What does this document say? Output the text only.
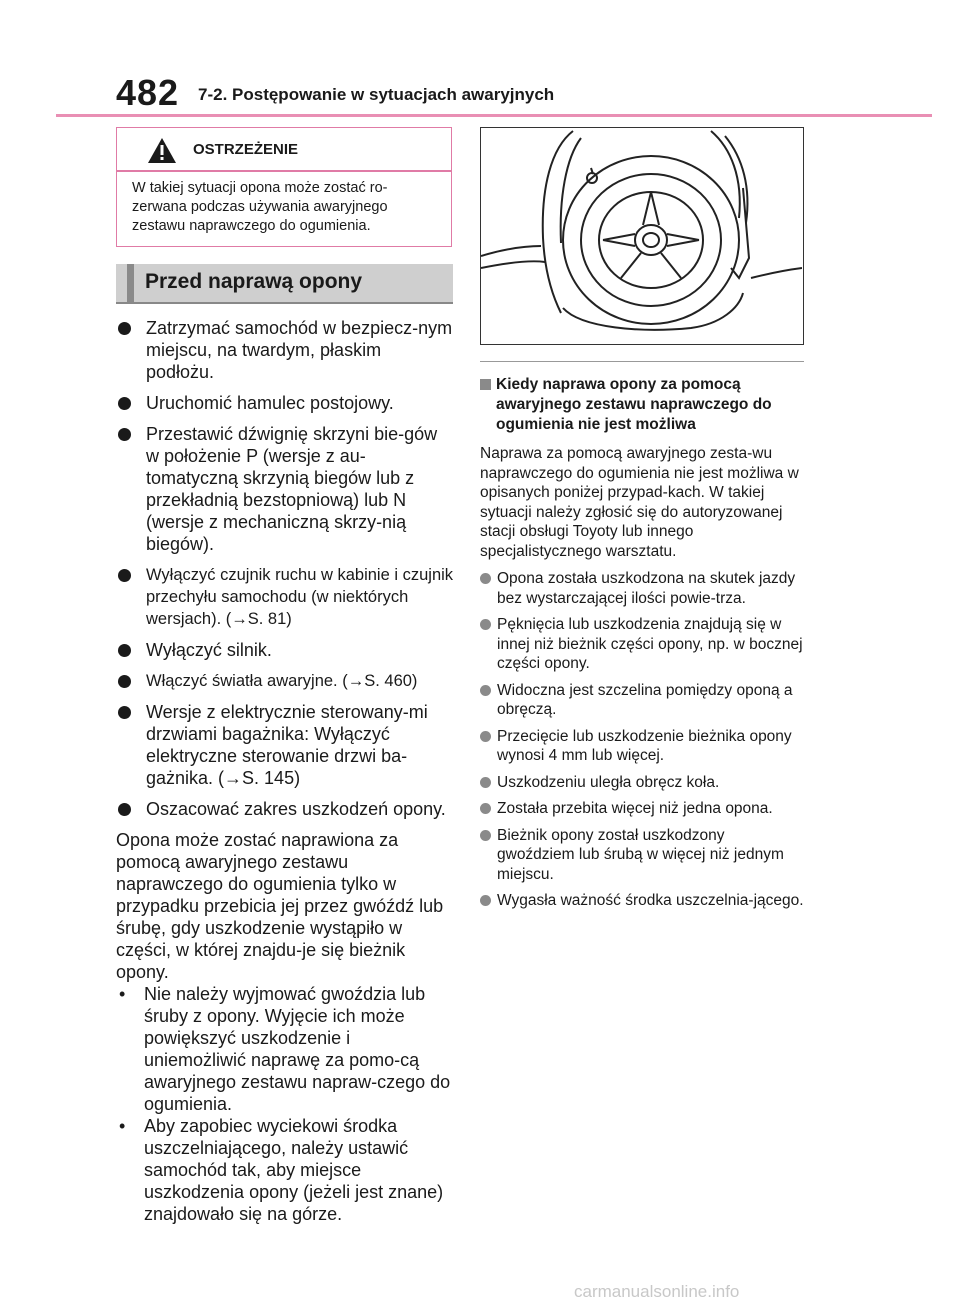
482 7-2. Postępowanie w sytuacjach awaryjnych
OSTRZEŻENIE
W takiej sytuacji opona może zostać ro-zerwana podczas używania awaryjnego zestawu naprawczego do ogumienia.
Przed naprawą opony
Zatrzymać samochód w bezpiecz-nym miejscu, na twardym, płaskim podłożu.
Uruchomić hamulec postojowy.
Przestawić dźwignię skrzyni bie-gów w położenie P (wersje z au-tomatyczną skrzynią biegów lub z przekładnią bezstopniową) lub N (wersje z mechaniczną skrzy-nią biegów).
Wyłączyć czujnik ruchu w kabinie i czujnik przechyłu samochodu (w niektórych wersjach). (→S. 81)
Wyłączyć silnik.
Włączyć światła awaryjne. (→S. 460)
Wersje z elektrycznie sterowany-mi drzwiami bagażnika: Wyłączyć elektryczne sterowanie drzwi ba-gażnika. (→S. 145)
Oszacować zakres uszkodzeń opony.
Opona może zostać naprawiona za pomocą awaryjnego zestawu naprawczego do ogumienia tylko w przypadku przebicia jej przez gwóźdź lub śrubę, gdy uszkodzenie wystąpiło w części, w której znajdu-je się bieżnik opony.
• Nie należy wyjmować gwoździa lub śruby z opony. Wyjęcie ich może powiększyć uszkodzenie i uniemożliwić naprawę za pomo-cą awaryjnego zestawu napraw-czego do ogumienia.
• Aby zapobiec wyciekowi środka uszczelniającego, należy ustawić samochód tak, aby miejsce uszkodzenia opony (jeżeli jest znane) znajdowało się na górze.
Kiedy naprawa opony za pomocą awaryjnego zestawu naprawczego do ogumienia nie jest możliwa
Naprawa za pomocą awaryjnego zesta-wu naprawczego do ogumienia nie jest możliwa w opisanych poniżej przypad-kach. W takiej sytuacji należy zgłosić się do autoryzowanej stacji obsługi Toyoty lub innego specjalistycznego warsztatu.
Opona została uszkodzona na skutek jazdy bez wystarczającej ilości powie-trza.
Pęknięcia lub uszkodzenia znajdują się w innej niż bieżnik części opony, np. w bocznej części opony.
Widoczna jest szczelina pomiędzy oponą a obręczą.
Przecięcie lub uszkodzenie bieżnika opony wynosi 4 mm lub więcej.
Uszkodzeniu uległa obręcz koła.
Została przebita więcej niż jedna opona.
Bieżnik opony został uszkodzony gwoździem lub śrubą w więcej niż jednym miejscu.
Wygasła ważność środka uszczelnia-jącego.
carmanualsonline.info
